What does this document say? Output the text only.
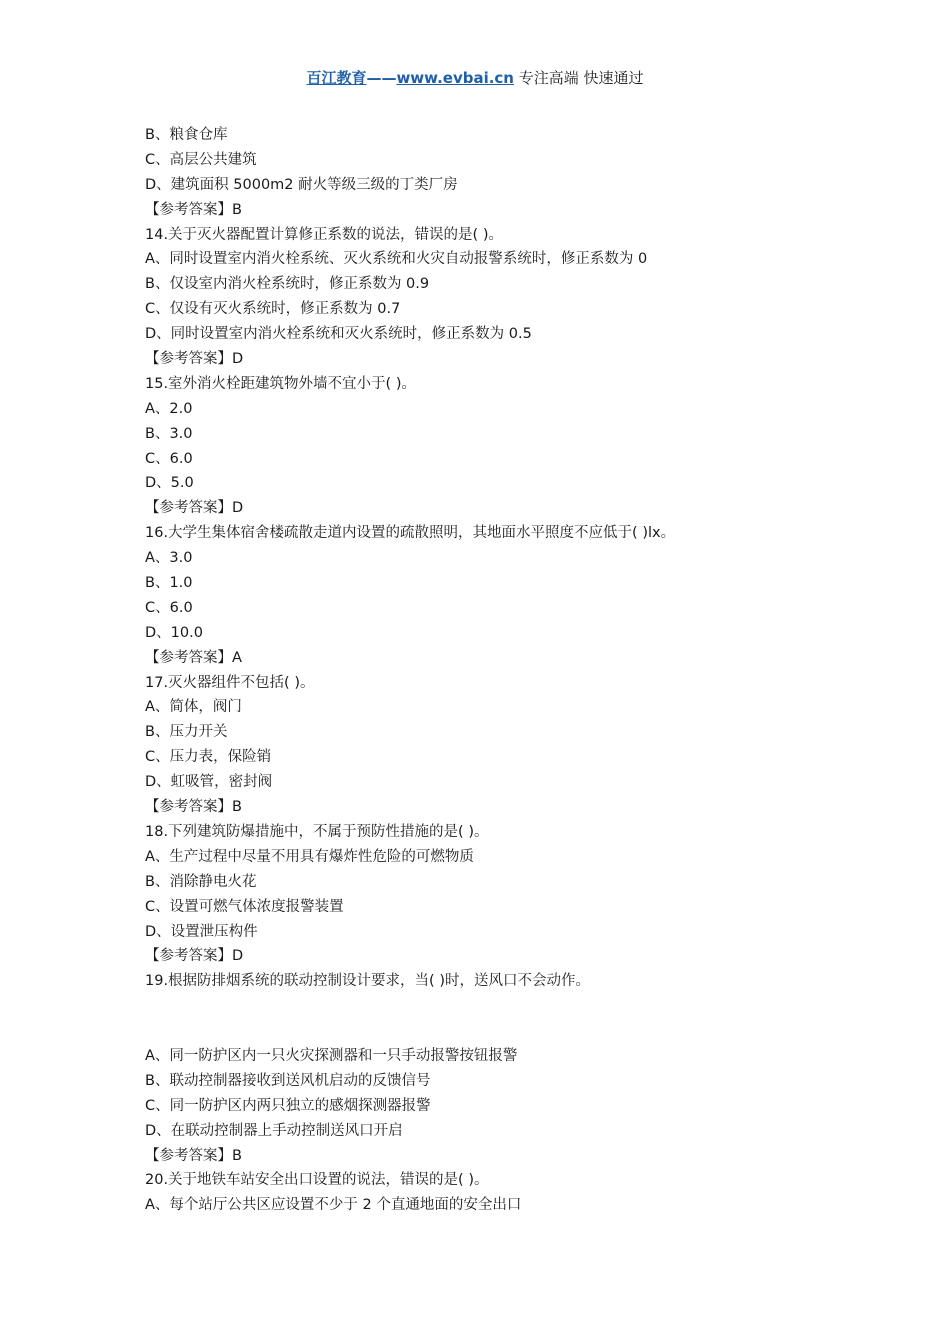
百江教育——www.evbai.cn 专注高端 快速通过
B、粮食仓库
C、高层公共建筑
D、建筑面积 5000m2 耐火等级三级的丁类厂房
【参考答案】B
14.关于灭火器配置计算修正系数的说法，错误的是( )。
A、同时设置室内消火栓系统、灭火系统和火灾自动报警系统时，修正系数为 0
B、仅设室内消火栓系统时，修正系数为 0.9
C、仅设有灭火系统时，修正系数为 0.7
D、同时设置室内消火栓系统和灭火系统时，修正系数为 0.5
【参考答案】D
15.室外消火栓距建筑物外墙不宜小于( )。
A、2.0
B、3.0
C、6.0
D、5.0
【参考答案】D
16.大学生集体宿舍楼疏散走道内设置的疏散照明，其地面水平照度不应低于( )lx。
A、3.0
B、1.0
C、6.0
D、10.0
【参考答案】A
17.灭火器组件不包括( )。
A、简体，阀门
B、压力开关
C、压力表，保险销
D、虹吸管，密封阀
【参考答案】B
18.下列建筑防爆措施中，不属于预防性措施的是( )。
A、生产过程中尽量不用具有爆炸性危险的可燃物质
B、消除静电火花
C、设置可燃气体浓度报警装置
D、设置泄压构件
【参考答案】D
19.根据防排烟系统的联动控制设计要求，当( )时，送风口不会动作。
A、同一防护区内一只火灾探测器和一只手动报警按钮报警
B、联动控制器接收到送风机启动的反馈信号
C、同一防护区内两只独立的感烟探测器报警
D、在联动控制器上手动控制送风口开启
【参考答案】B
20.关于地铁车站安全出口设置的说法，错误的是( )。
A、每个站厅公共区应设置不少于 2 个直通地面的安全出口
